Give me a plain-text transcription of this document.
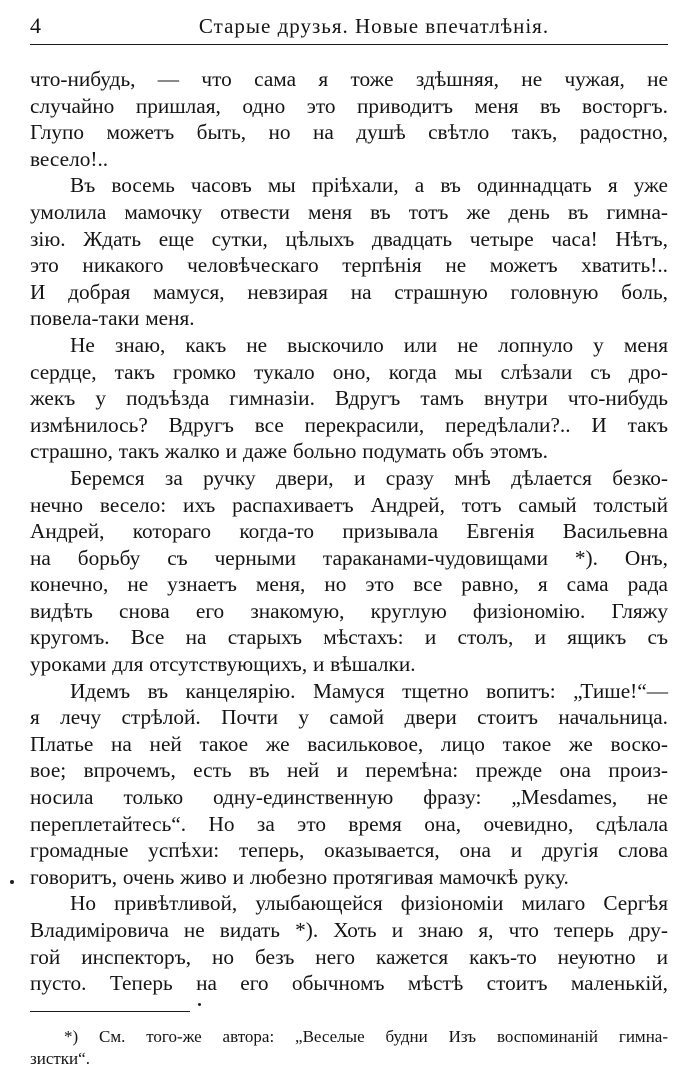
4	Старые друзья. Новые впечатлѣнія.
что-нибудь, — что сама я тоже здѣшняя, не чужая, не
случайно пришлая, одно это приводитъ меня въ восторгъ.
Глупо можетъ быть, но на душѣ свѣтло такъ, радостно,
весело!..
Въ восемь часовъ мы пріѣхали, а въ одиннадцать я уже
умолила мамочку отвести меня въ тотъ же день въ гимна-
зію. Ждать еще сутки, цѣлыхъ двадцать четыре часа! Нѣтъ,
это никакого человѣческаго терпѣнія не можетъ хватить!..
И добрая мамуся, невзирая на страшную головную боль,
повела-таки меня.
Не знаю, какъ не выскочило или не лопнуло у меня
сердце, такъ громко тукало оно, когда мы слѣзали съ дро-
жекъ у подъѣзда гимназіи. Вдругъ тамъ внутри что-нибудь
измѣнилось? Вдругъ все перекрасили, передѣлали?.. И такъ
страшно, такъ жалко и даже больно подумать объ этомъ.
Беремся за ручку двери, и сразу мнѣ дѣлается безко-
нечно весело: ихъ распахиваетъ Андрей, тотъ самый толстый
Андрей, котораго когда-то призывала Евгенія Васильевна
на борьбу съ черными тараканами-чудовищами *). Онъ,
конечно, не узнаетъ меня, но это все равно, я сама рада
видѣть снова его знакомую, круглую физіономію. Гляжу
кругомъ. Все на старыхъ мѣстахъ: и столъ, и ящикъ съ
уроками для отсутствующихъ, и вѣшалки.
Идемъ въ канцелярію. Мамуся тщетно вопитъ: „Тише!“—
я лечу стрѣлой. Почти у самой двери стоитъ начальница.
Платье на ней такое же васильковое, лицо такое же воско-
вое; впрочемъ, есть въ ней и перемѣна: прежде она произ-
носила только одну-единственную фразу: „Mesdames, не
переплетайтесь“. Но за это время она, очевидно, сдѣлала
громадные успѣхи: теперь, оказывается, она и другія слова
говоритъ, очень живо и любезно протягивая мамочкѣ руку.
Но привѣтливой, улыбающейся физіономіи милаго Сергѣя
Владиміровича не видать *). Хоть и знаю я, что теперь дру-
гой инспекторъ, но безъ него кажется какъ-то неуютно и
пусто. Теперь на его обычномъ мѣстѣ стоитъ маленькій,
*) См. того-же автора: „Веселые будни Изъ воспоминаній гимна-
зистки“.
